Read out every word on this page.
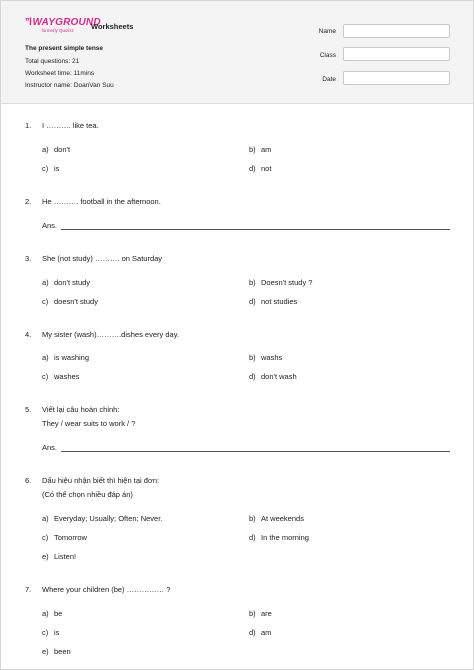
’’l WAYGROUND
formerly Quizizz	Worksheets
The present simple tense
Total questions: 21
Worksheet time: 11mins
Instructor name: DoanVan Suu
Name
Class
Date
1.	I ………. like tea.
a) don't	b) am
c) is	d) not
2.	He ………. football in the afternoon.
Ans.
3.	She (not study) ………. on Saturday
a) don't study	b) Doesn't study ?
c) doesn't study	d) not studies
4.	My sister (wash)……….dishes every day.
a) is washing	b) washs
c) washes	d) don't wash
5.	Viết lại câu hoàn chỉnh:
They / wear suits to work / ?
Ans.
6.	Dấu hiệu nhận biết thì hiện tại đơn:
(Có thể chọn nhiều đáp án)
a) Everyday; Usually; Often; Never.	b) At weekends
c) Tomorrow	d) In the morning
e) Listen!
7.	Where your children (be) …………… ?
a) be	b) are
c) is	d) am
e) been
